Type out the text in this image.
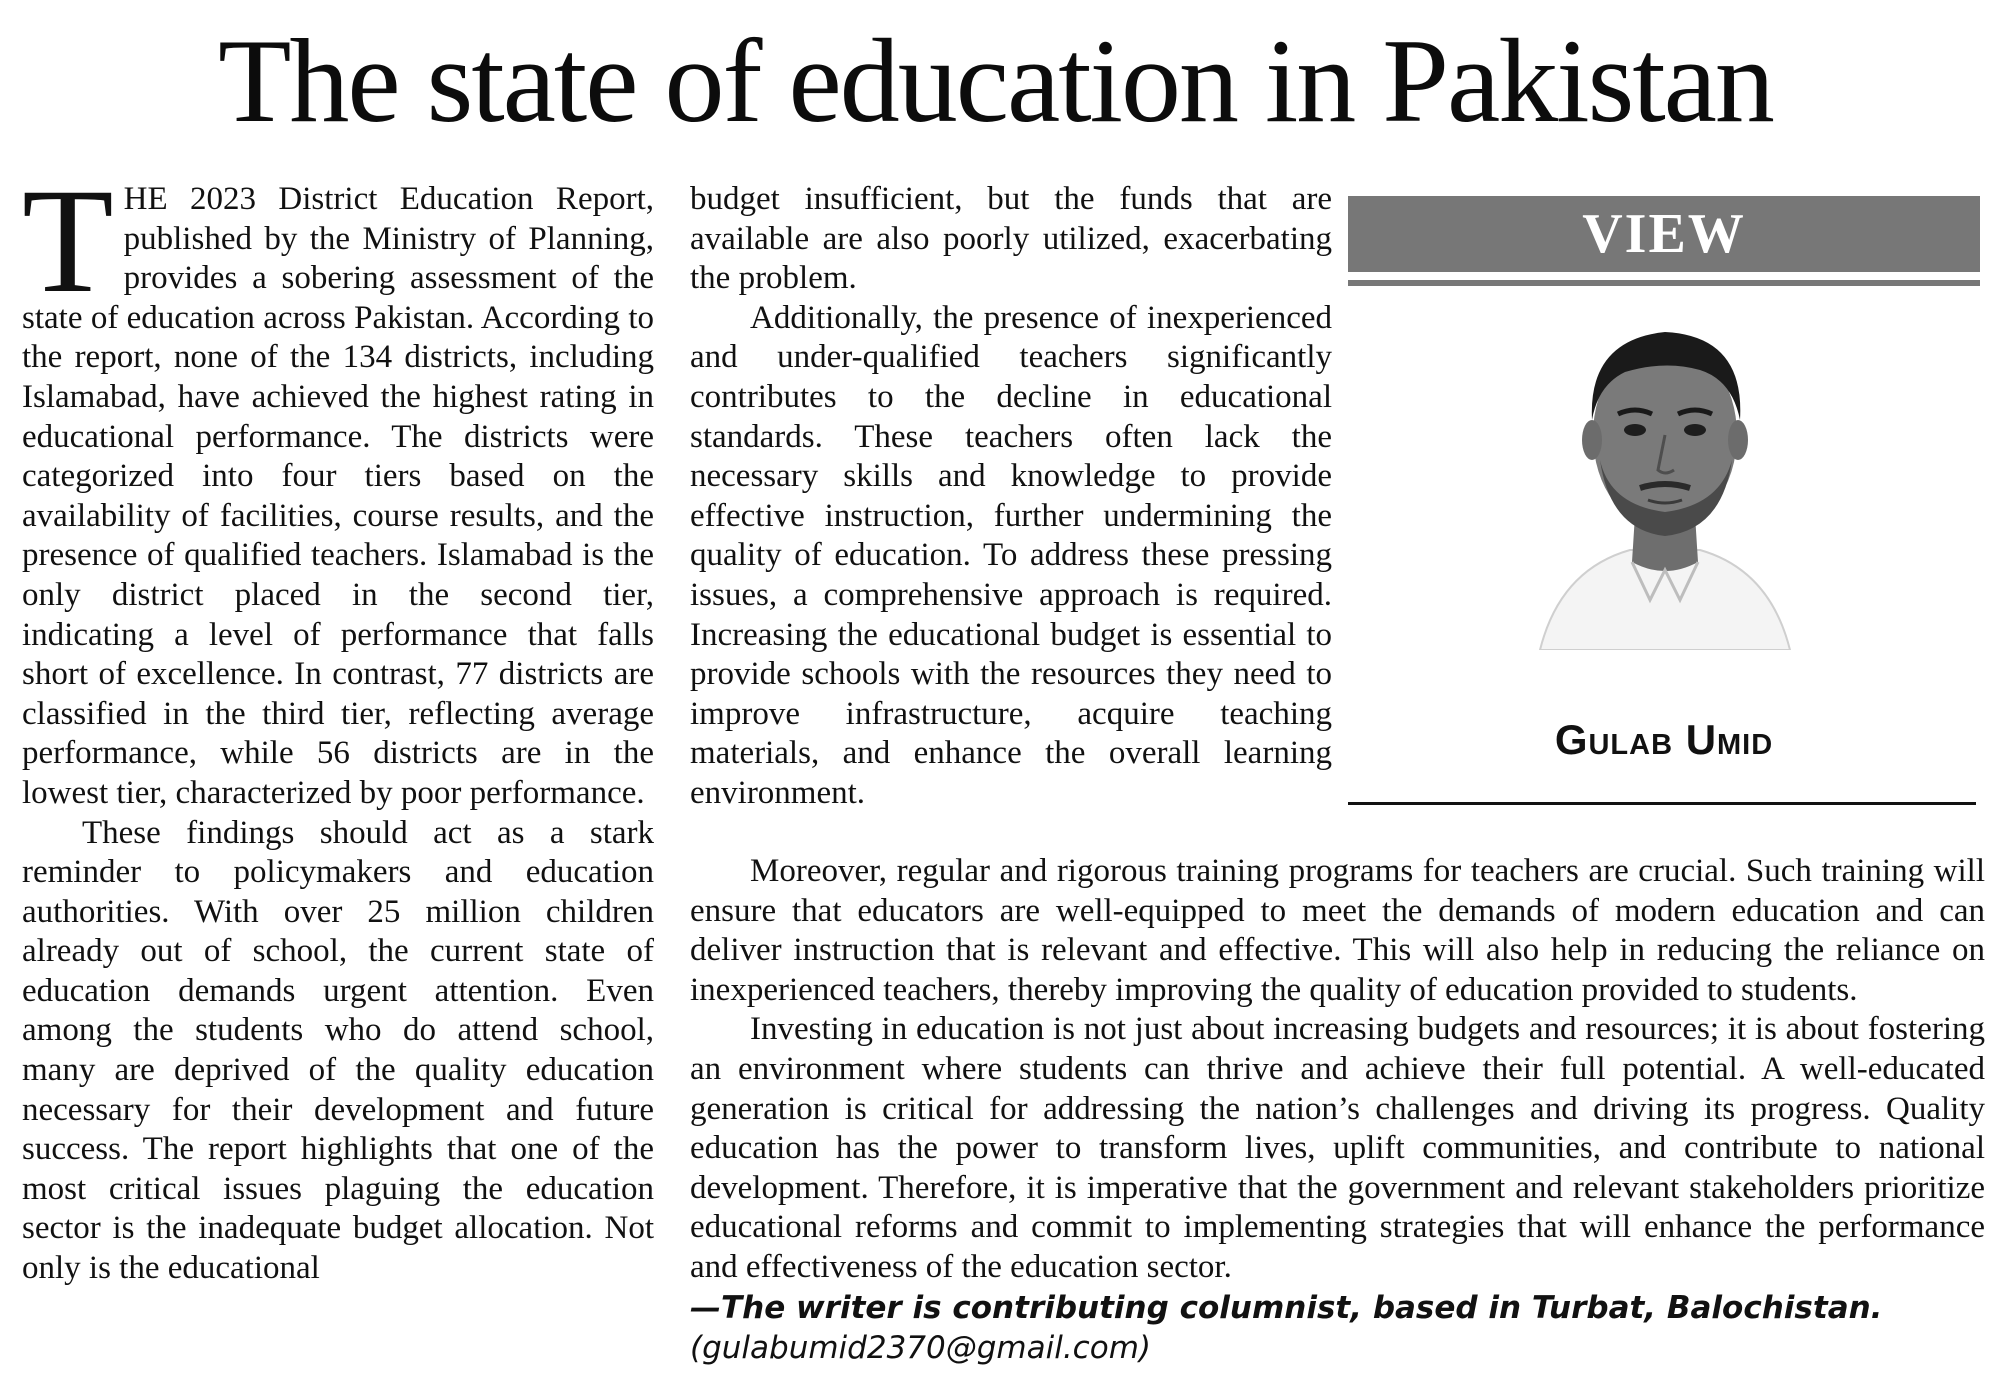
The state of education in Pakistan

THE 2023 District Education Report, published by the Ministry of Planning, provides a sobering assessment of the state of education across Pakistan. According to the report, none of the 134 districts, including Islamabad, have achieved the highest rating in educational performance. The districts were categorized into four tiers based on the availability of facilities, course results, and the presence of qualified teachers. Islamabad is the only district placed in the second tier, indicating a level of performance that falls short of excellence. In contrast, 77 districts are classified in the third tier, reflecting average performance, while 56 districts are in the lowest tier, characterized by poor performance.

These findings should act as a stark reminder to policymakers and education authorities. With over 25 million children already out of school, the current state of education demands urgent attention. Even among the students who do attend school, many are deprived of the quality education necessary for their development and future success. The report highlights that one of the most critical issues plaguing the education sector is the inadequate budget allocation. Not only is the educational

budget insufficient, but the funds that are available are also poorly utilized, exacerbating the problem.

Additionally, the presence of inexperienced and under-qualified teachers significantly contributes to the decline in educational standards. These teachers often lack the necessary skills and knowledge to provide effective instruction, further undermining the quality of education. To address these pressing issues, a comprehensive approach is required. Increasing the educational budget is essential to provide schools with the resources they need to improve infrastructure, acquire teaching materials, and enhance the overall learning environment.

VIEW
Gulab Umid

Moreover, regular and rigorous training programs for teachers are crucial. Such training will ensure that educators are well-equipped to meet the demands of modern education and can deliver instruction that is relevant and effective. This will also help in reducing the reliance on inexperienced teachers, thereby improving the quality of education provided to students.

Investing in education is not just about increasing budgets and resources; it is about fostering an environment where students can thrive and achieve their full potential. A well-educated generation is critical for addressing the nation’s challenges and driving its progress. Quality education has the power to transform lives, uplift communities, and contribute to national development. Therefore, it is imperative that the government and relevant stakeholders prioritize educational reforms and commit to implementing strategies that will enhance the performance and effectiveness of the education sector.

—The writer is contributing columnist, based in Turbat, Balochistan.

(gulabumid2370@gmail.com)
